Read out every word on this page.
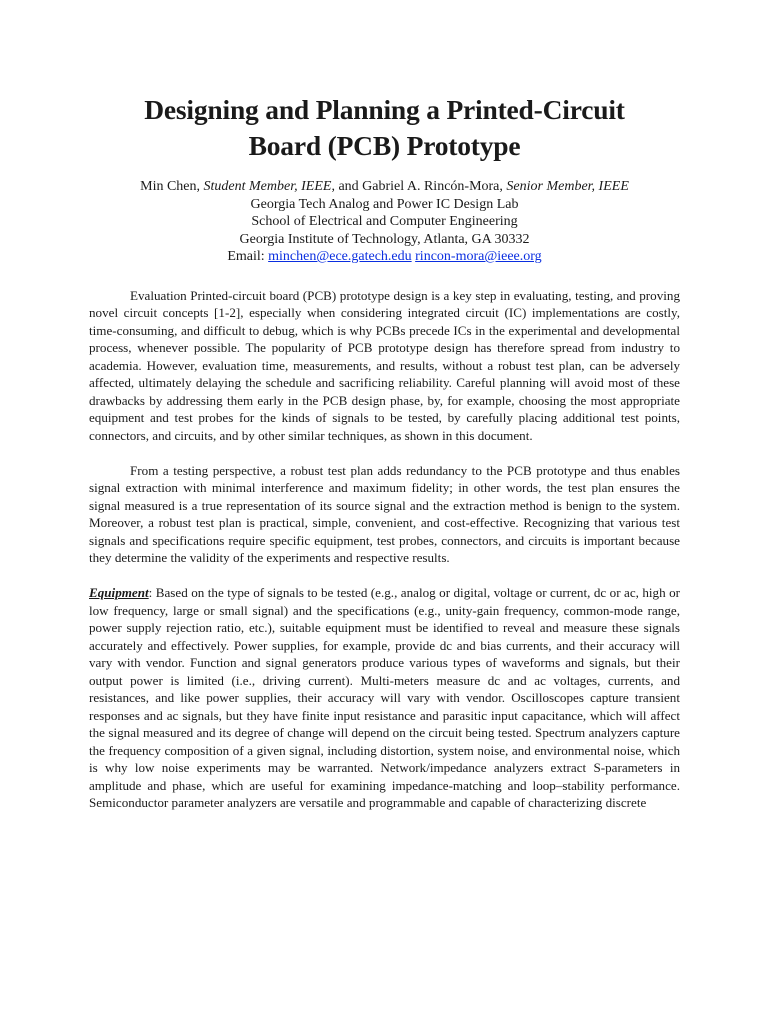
Designing and Planning a Printed-Circuit
Board (PCB) Prototype
Min Chen, Student Member, IEEE, and Gabriel A. Rincón-Mora, Senior Member, IEEE
Georgia Tech Analog and Power IC Design Lab
School of Electrical and Computer Engineering
Georgia Institute of Technology, Atlanta, GA 30332
Email: minchen@ece.gatech.edu rincon-mora@ieee.org

Evaluation Printed-circuit board (PCB) prototype design is a key step in evaluating, testing, and proving novel circuit concepts [1-2], especially when considering integrated circuit (IC) implementations are costly, time-consuming, and difficult to debug, which is why PCBs precede ICs in the experimental and developmental process, whenever possible. The popularity of PCB prototype design has therefore spread from industry to academia. However, evaluation time, measurements, and results, without a robust test plan, can be adversely affected, ultimately delaying the schedule and sacrificing reliability. Careful planning will avoid most of these drawbacks by addressing them early in the PCB design phase, by, for example, choosing the most appropriate equipment and test probes for the kinds of signals to be tested, by carefully placing additional test points, connectors, and circuits, and by other similar techniques, as shown in this document.

From a testing perspective, a robust test plan adds redundancy to the PCB prototype and thus enables signal extraction with minimal interference and maximum fidelity; in other words, the test plan ensures the signal measured is a true representation of its source signal and the extraction method is benign to the system. Moreover, a robust test plan is practical, simple, convenient, and cost-effective. Recognizing that various test signals and specifications require specific equipment, test probes, connectors, and circuits is important because they determine the validity of the experiments and respective results.

Equipment: Based on the type of signals to be tested (e.g., analog or digital, voltage or current, dc or ac, high or low frequency, large or small signal) and the specifications (e.g., unity-gain frequency, common-mode range, power supply rejection ratio, etc.), suitable equipment must be identified to reveal and measure these signals accurately and effectively. Power supplies, for example, provide dc and bias currents, and their accuracy will vary with vendor. Function and signal generators produce various types of waveforms and signals, but their output power is limited (i.e., driving current). Multi-meters measure dc and ac voltages, currents, and resistances, and like power supplies, their accuracy will vary with vendor. Oscilloscopes capture transient responses and ac signals, but they have finite input resistance and parasitic input capacitance, which will affect the signal measured and its degree of change will depend on the circuit being tested. Spectrum analyzers capture the frequency composition of a given signal, including distortion, system noise, and environmental noise, which is why low noise experiments may be warranted. Network/impedance analyzers extract S-parameters in amplitude and phase, which are useful for examining impedance-matching and loop–stability performance. Semiconductor parameter analyzers are versatile and programmable and capable of characterizing discrete
